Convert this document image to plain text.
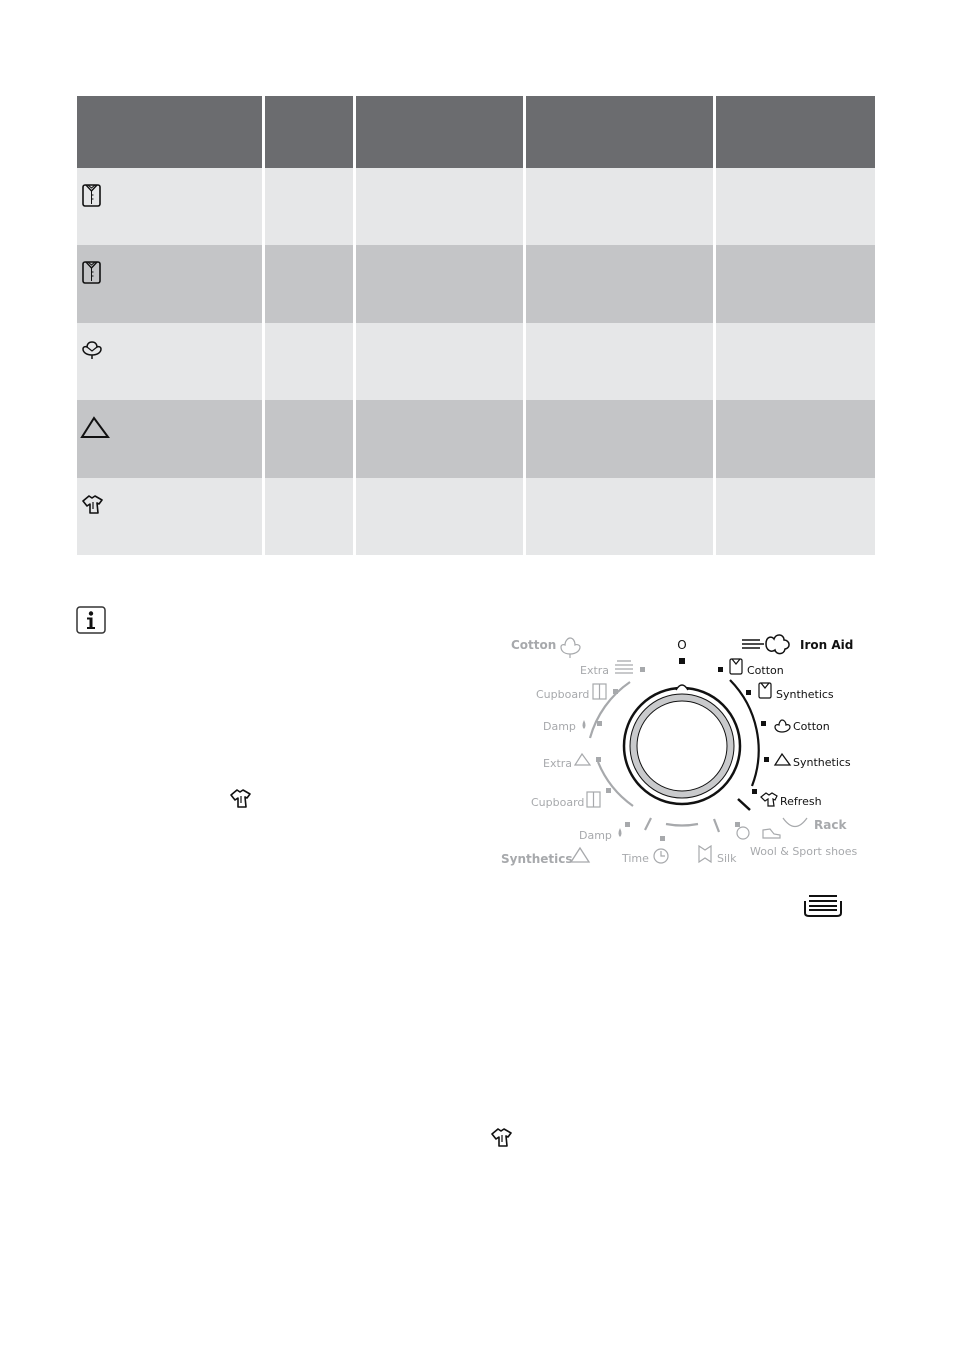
O	Iron Aid
Cotton
Synthetics
Cotton
Synthetics
Refresh
Rack
Wool & Sport shoes
Silk
Time
Synthetics
Damp
Cupboard
Extra
Damp
Cupboard
Extra
Cotton
